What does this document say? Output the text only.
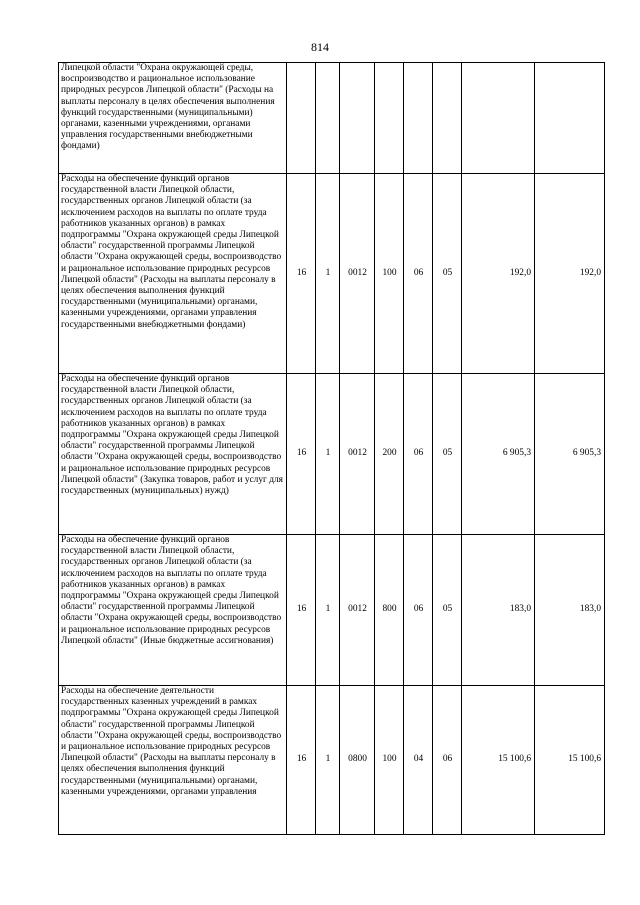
814
Липецкой области "Охрана окружающей среды, воспроизводство и рациональное использование природных ресурсов Липецкой области" (Расходы на выплаты персоналу в целях обеспечения выполнения функций государственными (муниципальными) органами, казенными учреждениями, органами управления государственными внебюджетными фондами)								
Расходы на обеспечение функций органов государственной власти Липецкой области, государственных органов Липецкой области (за исключением расходов на выплаты по оплате труда работников указанных органов) в рамках подпрограммы "Охрана окружающей среды Липецкой области" государственной программы Липецкой области "Охрана окружающей среды, воспроизводство и рациональное использование природных ресурсов Липецкой области" (Расходы на выплаты персоналу в целях обеспечения выполнения функций государственными (муниципальными) органами, казенными учреждениями, органами управления государственными внебюджетными фондами)	16	1	0012	100	06	05	192,0	192,0
Расходы на обеспечение функций органов государственной власти Липецкой области, государственных органов Липецкой области (за исключением расходов на выплаты по оплате труда работников указанных органов) в рамках подпрограммы "Охрана окружающей среды Липецкой области" государственной программы Липецкой области "Охрана окружающей среды, воспроизводство и рациональное использование природных ресурсов Липецкой области" (Закупка товаров, работ и услуг для государственных (муниципальных) нужд)	16	1	0012	200	06	05	6 905,3	6 905,3
Расходы на обеспечение функций органов государственной власти Липецкой области, государственных органов Липецкой области (за исключением расходов на выплаты по оплате труда работников указанных органов) в рамках подпрограммы "Охрана окружающей среды Липецкой области" государственной программы Липецкой области "Охрана окружающей среды, воспроизводство и рациональное использование природных ресурсов Липецкой области" (Иные бюджетные ассигнования)	16	1	0012	800	06	05	183,0	183,0
Расходы на обеспечение деятельности государственных казенных учреждений в рамках подпрограммы "Охрана окружающей среды Липецкой области" государственной программы Липецкой области "Охрана окружающей среды, воспроизводство и рациональное использование природных ресурсов Липецкой области" (Расходы на выплаты персоналу в целях обеспечения выполнения функций государственными (муниципальными) органами, казенными учреждениями, органами управления	16	1	0800	100	04	06	15 100,6	15 100,6
